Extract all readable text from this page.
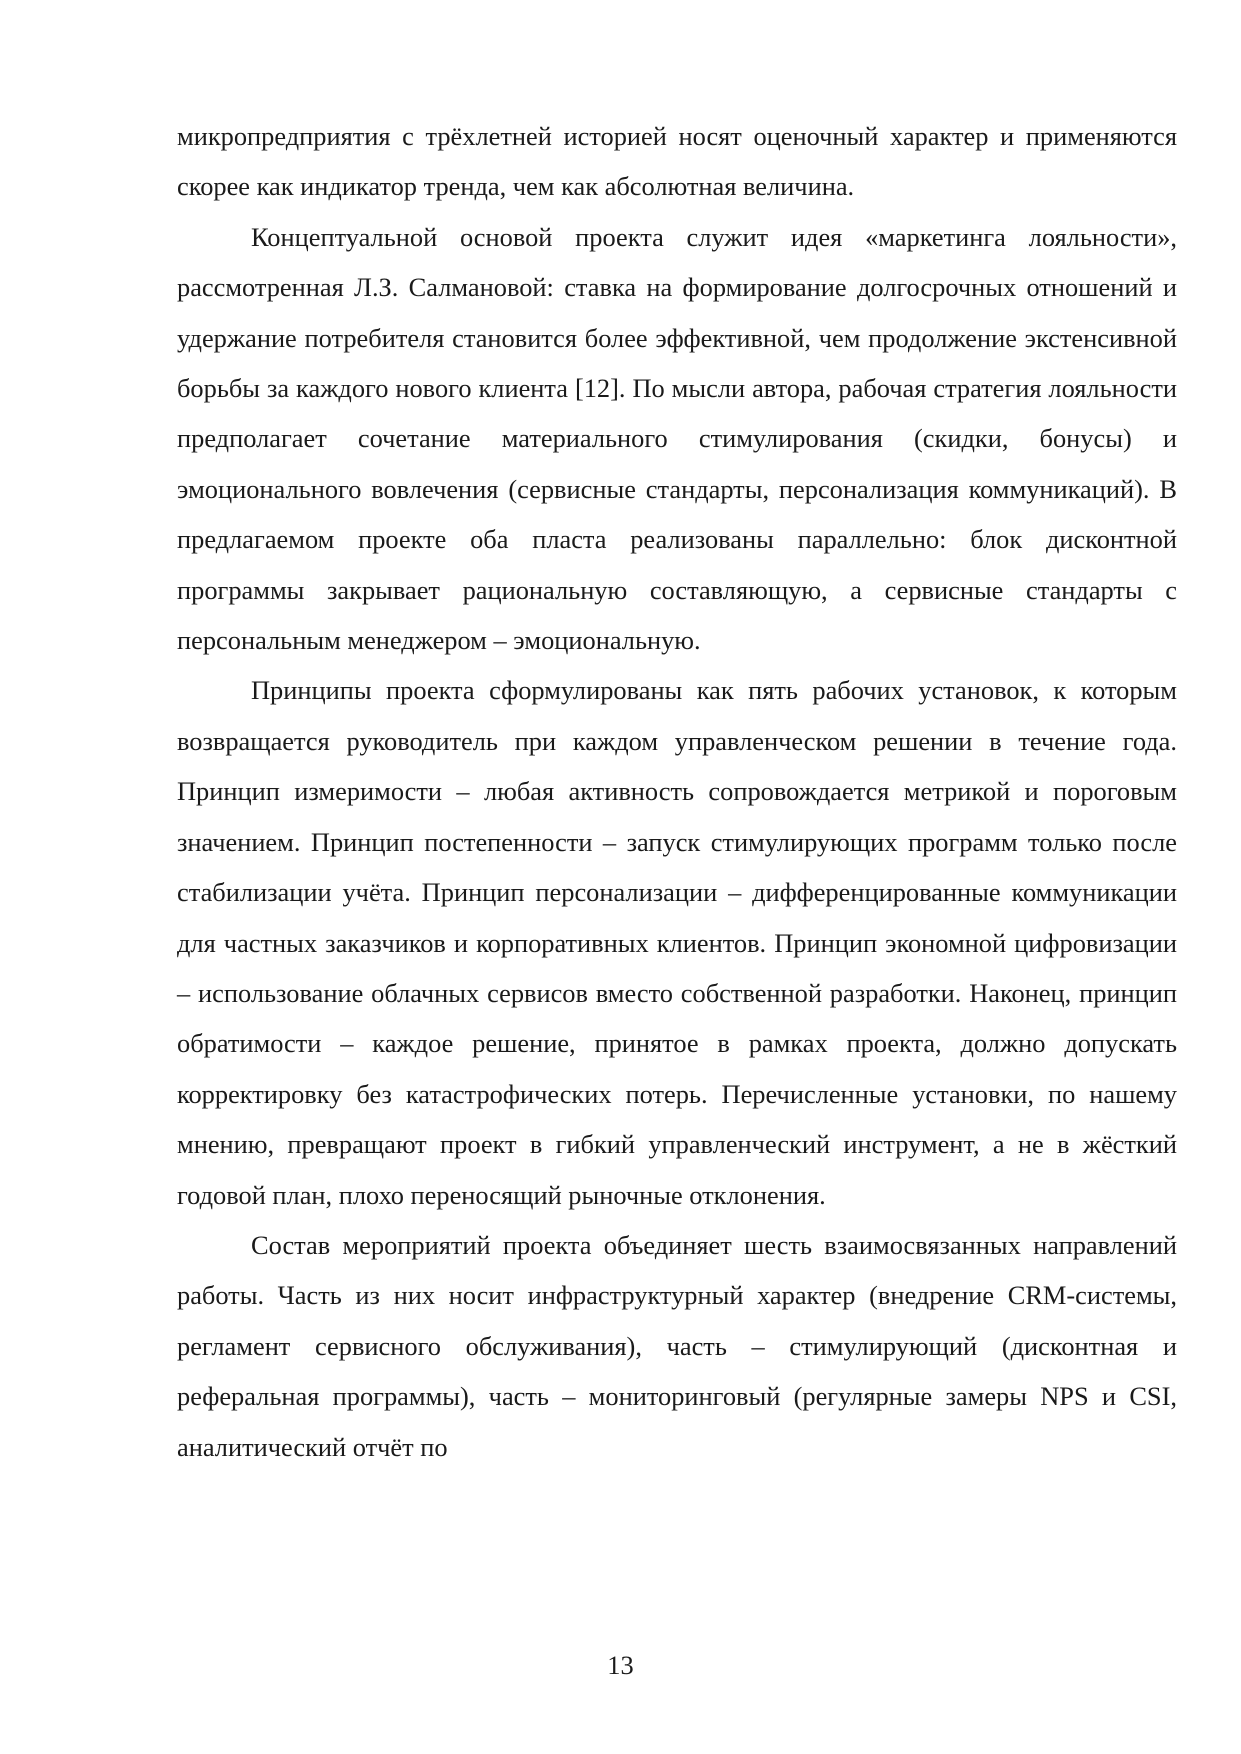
микропредприятия с трёхлетней историей носят оценочный характер и применяются скорее как индикатор тренда, чем как абсолютная величина.

Концептуальной основой проекта служит идея «маркетинга лояльности», рассмотренная Л.З. Салмановой: ставка на формирование долгосрочных отношений и удержание потребителя становится более эффективной, чем продолжение экстенсивной борьбы за каждого нового клиента [12]. По мысли автора, рабочая стратегия лояльности предполагает сочетание материального стимулирования (скидки, бонусы) и эмоционального вовлечения (сервисные стандарты, персонализация коммуникаций). В предлагаемом проекте оба пласта реализованы параллельно: блок дисконтной программы закрывает рациональную составляющую, а сервисные стандарты с персональным менеджером – эмоциональную.

Принципы проекта сформулированы как пять рабочих установок, к которым возвращается руководитель при каждом управленческом решении в течение года. Принцип измеримости – любая активность сопровождается метрикой и пороговым значением. Принцип постепенности – запуск стимулирующих программ только после стабилизации учёта. Принцип персонализации – дифференцированные коммуникации для частных заказчиков и корпоративных клиентов. Принцип экономной цифровизации – использование облачных сервисов вместо собственной разработки. Наконец, принцип обратимости – каждое решение, принятое в рамках проекта, должно допускать корректировку без катастрофических потерь. Перечисленные установки, по нашему мнению, превращают проект в гибкий управленческий инструмент, а не в жёсткий годовой план, плохо переносящий рыночные отклонения.

Состав мероприятий проекта объединяет шесть взаимосвязанных направлений работы. Часть из них носит инфраструктурный характер (внедрение CRM-системы, регламент сервисного обслуживания), часть – стимулирующий (дисконтная и реферальная программы), часть – мониторинговый (регулярные замеры NPS и CSI, аналитический отчёт по

13
